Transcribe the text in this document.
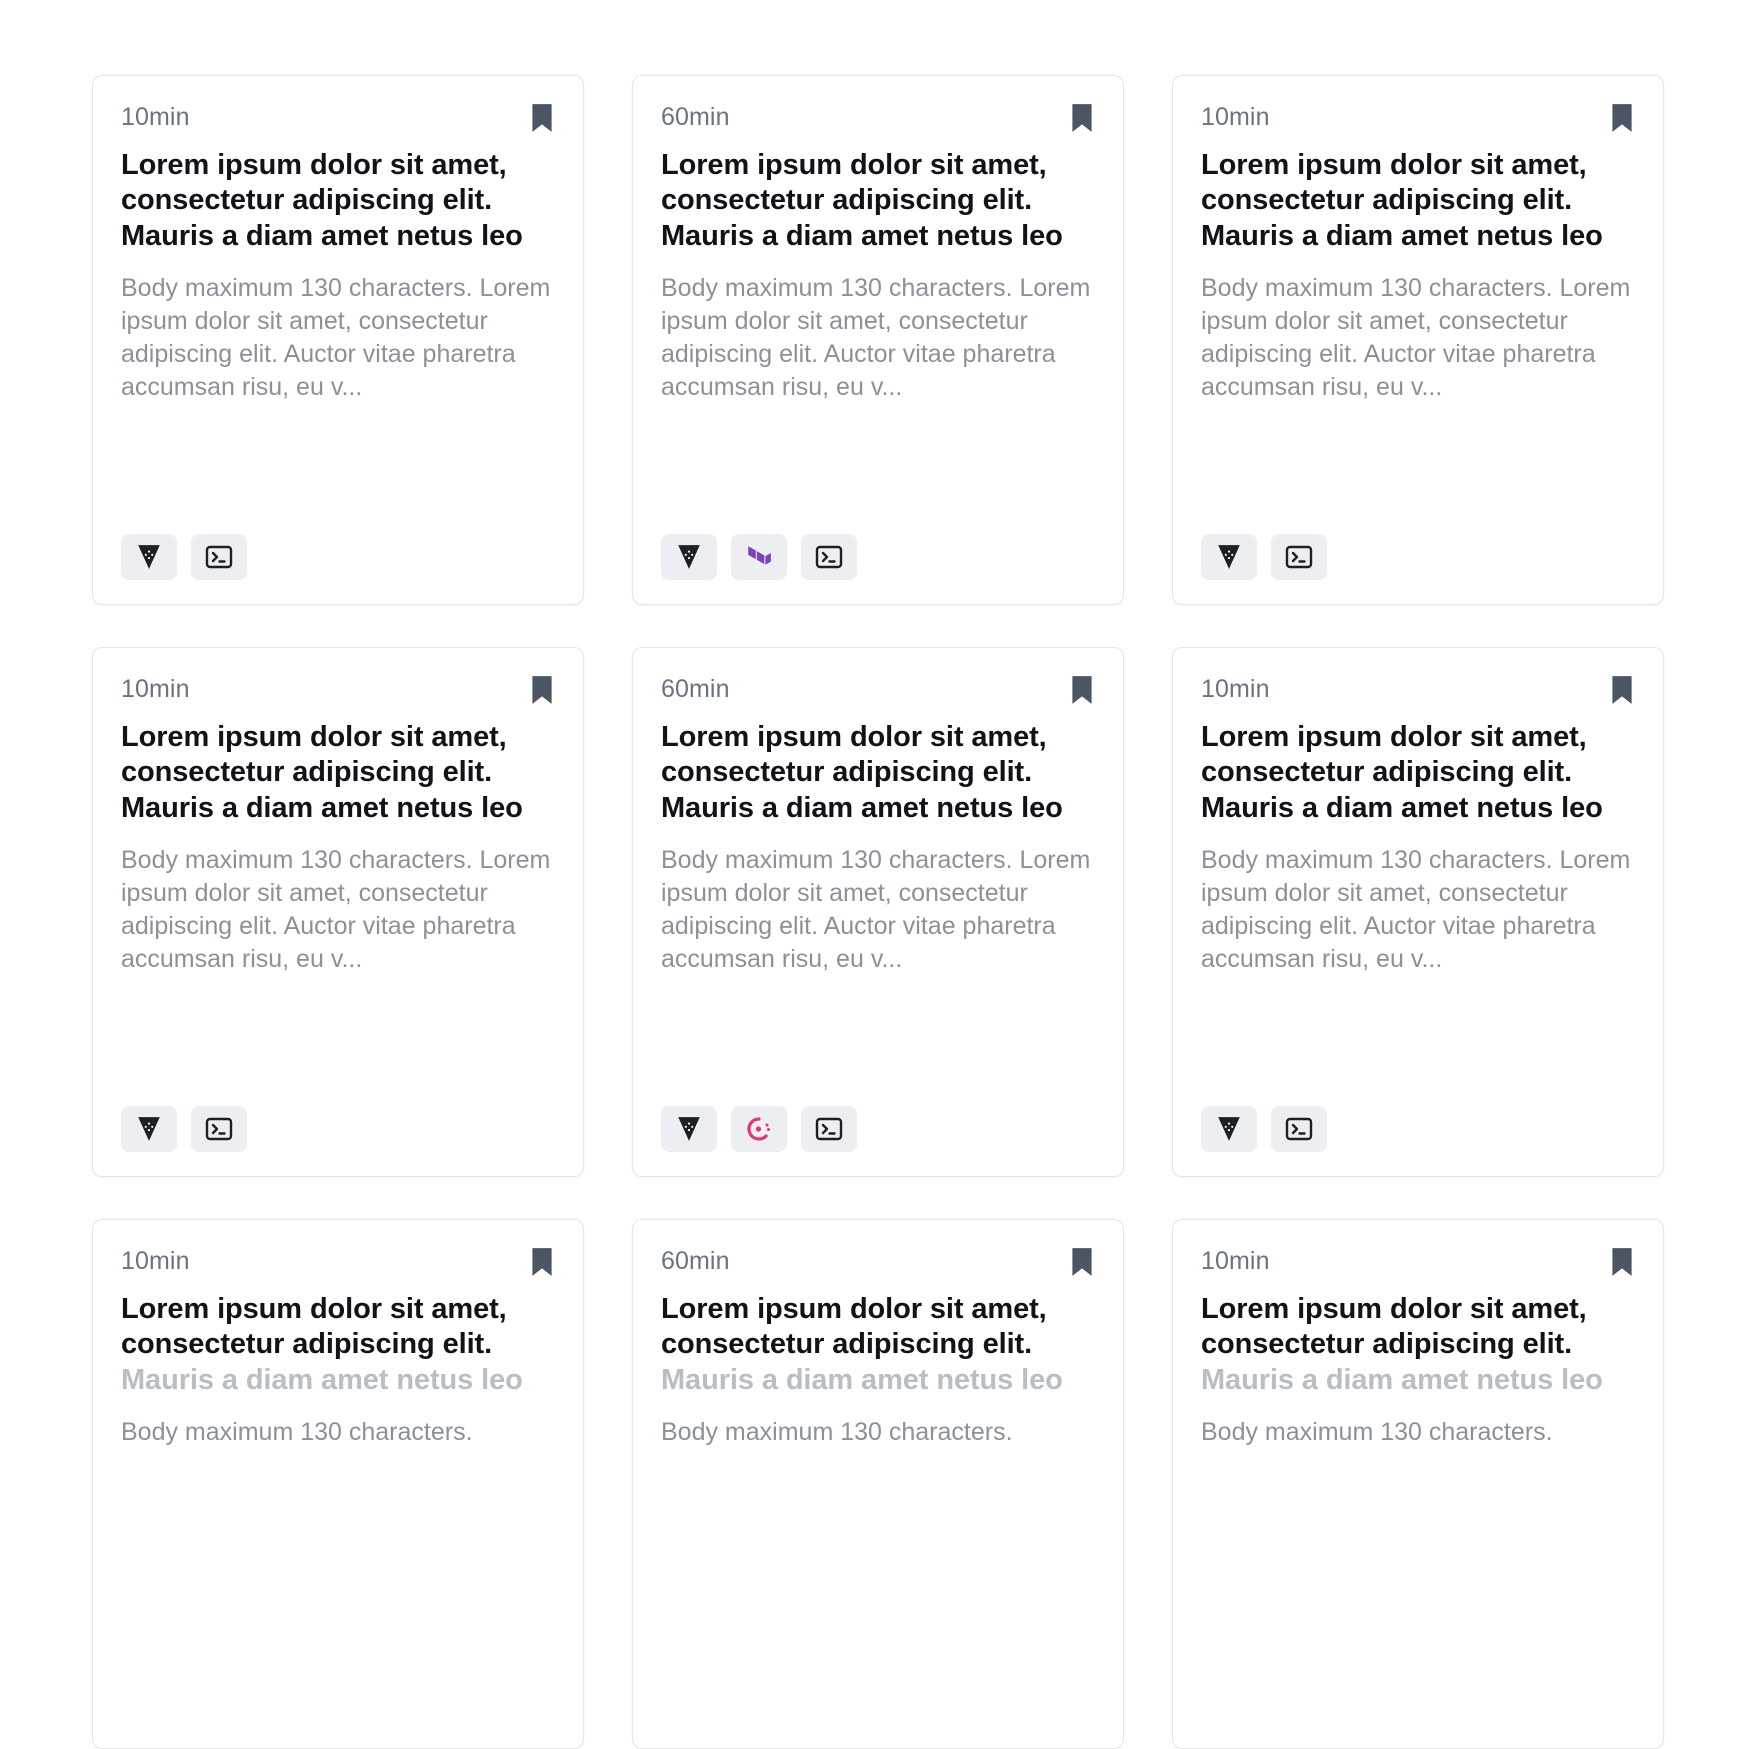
10min
Lorem ipsum dolor sit amet, consectetur adipiscing elit. Mauris a diam amet netus leo

Body maximum 130 characters. Lorem ipsum dolor sit amet, consectetur adipiscing elit. Auctor vitae pharetra accumsan risu, eu v...

60min
Lorem ipsum dolor sit amet, consectetur adipiscing elit. Mauris a diam amet netus leo

Body maximum 130 characters. Lorem ipsum dolor sit amet, consectetur adipiscing elit. Auctor vitae pharetra accumsan risu, eu v...

10min
Lorem ipsum dolor sit amet, consectetur adipiscing elit. Mauris a diam amet netus leo

Body maximum 130 characters. Lorem ipsum dolor sit amet, consectetur adipiscing elit. Auctor vitae pharetra accumsan risu, eu v...

10min
Lorem ipsum dolor sit amet, consectetur adipiscing elit. Mauris a diam amet netus leo

Body maximum 130 characters. Lorem ipsum dolor sit amet, consectetur adipiscing elit. Auctor vitae pharetra accumsan risu, eu v...

60min
Lorem ipsum dolor sit amet, consectetur adipiscing elit. Mauris a diam amet netus leo

Body maximum 130 characters. Lorem ipsum dolor sit amet, consectetur adipiscing elit. Auctor vitae pharetra accumsan risu, eu v...

10min
Lorem ipsum dolor sit amet, consectetur adipiscing elit. Mauris a diam amet netus leo

Body maximum 130 characters. Lorem ipsum dolor sit amet, consectetur adipiscing elit. Auctor vitae pharetra accumsan risu, eu v...

10min
Lorem ipsum dolor sit amet, consectetur adipiscing elit. Mauris a diam amet netus leo

Body maximum 130 characters.

60min
Lorem ipsum dolor sit amet, consectetur adipiscing elit. Mauris a diam amet netus leo

Body maximum 130 characters.

10min
Lorem ipsum dolor sit amet, consectetur adipiscing elit. Mauris a diam amet netus leo

Body maximum 130 characters.
